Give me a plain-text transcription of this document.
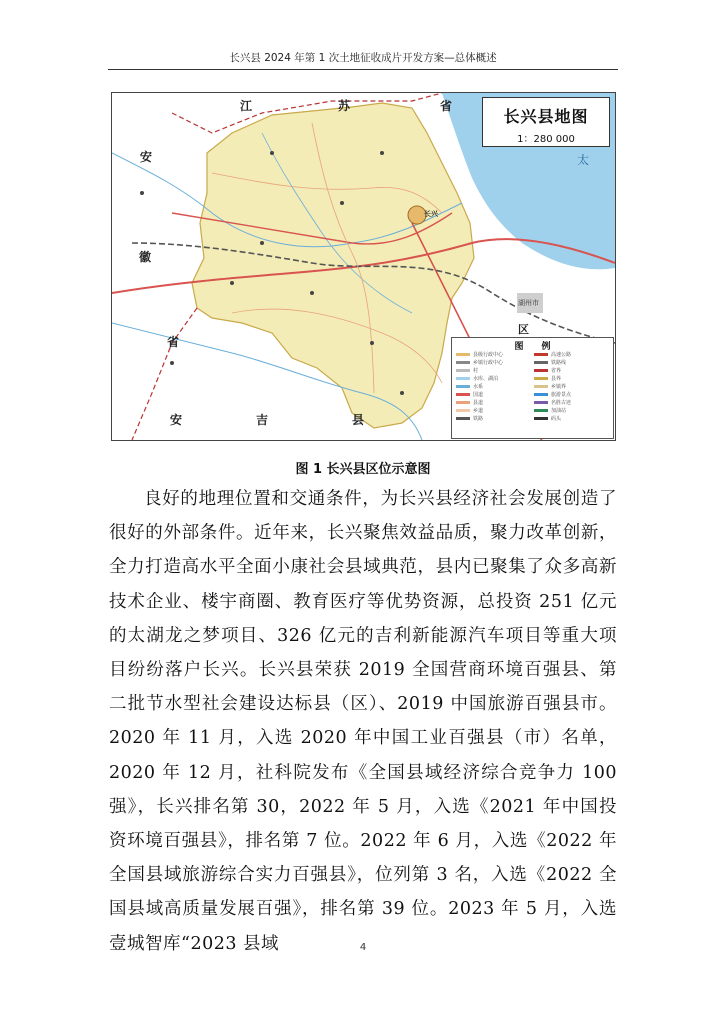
长兴县 2024 年第 1 次土地征收成片开发方案—总体概述
江	苏	省
安
徽
省
太
长兴
湖州市
安	吉	县
区
长兴县地图
1：280 000
图例
县级行政中心
乡镇行政中心
村
水库、湖泊
水系
国道
县道
乡道
铁路
高速公路
铁路线
省界
县界
乡镇界
旅游景点
名胜古迹
加油站
码头
图 1 长兴县区位示意图

良好的地理位置和交通条件，为长兴县经济社会发展创造了很好的外部条件。近年来，长兴聚焦效益品质，聚力改革创新，全力打造高水平全面小康社会县域典范，县内已聚集了众多高新技术企业、楼宇商圈、教育医疗等优势资源，总投资 251 亿元的太湖龙之梦项目、326 亿元的吉利新能源汽车项目等重大项目纷纷落户长兴。长兴县荣获 2019 全国营商环境百强县、第二批节水型社会建设达标县（区）、2019 中国旅游百强县市。2020 年 11 月，入选 2020 年中国工业百强县（市）名单，2020 年 12 月，社科院发布《全国县域经济综合竞争力 100 强》，长兴排名第 30，2022 年 5 月，入选《2021 年中国投资环境百强县》，排名第 7 位。2022 年 6 月，入选《2022 年全国县域旅游综合实力百强县》，位列第 3 名，入选《2022 全国县域高质量发展百强》，排名第 39 位。2023 年 5 月，入选壹城智库“2023 县域	4
